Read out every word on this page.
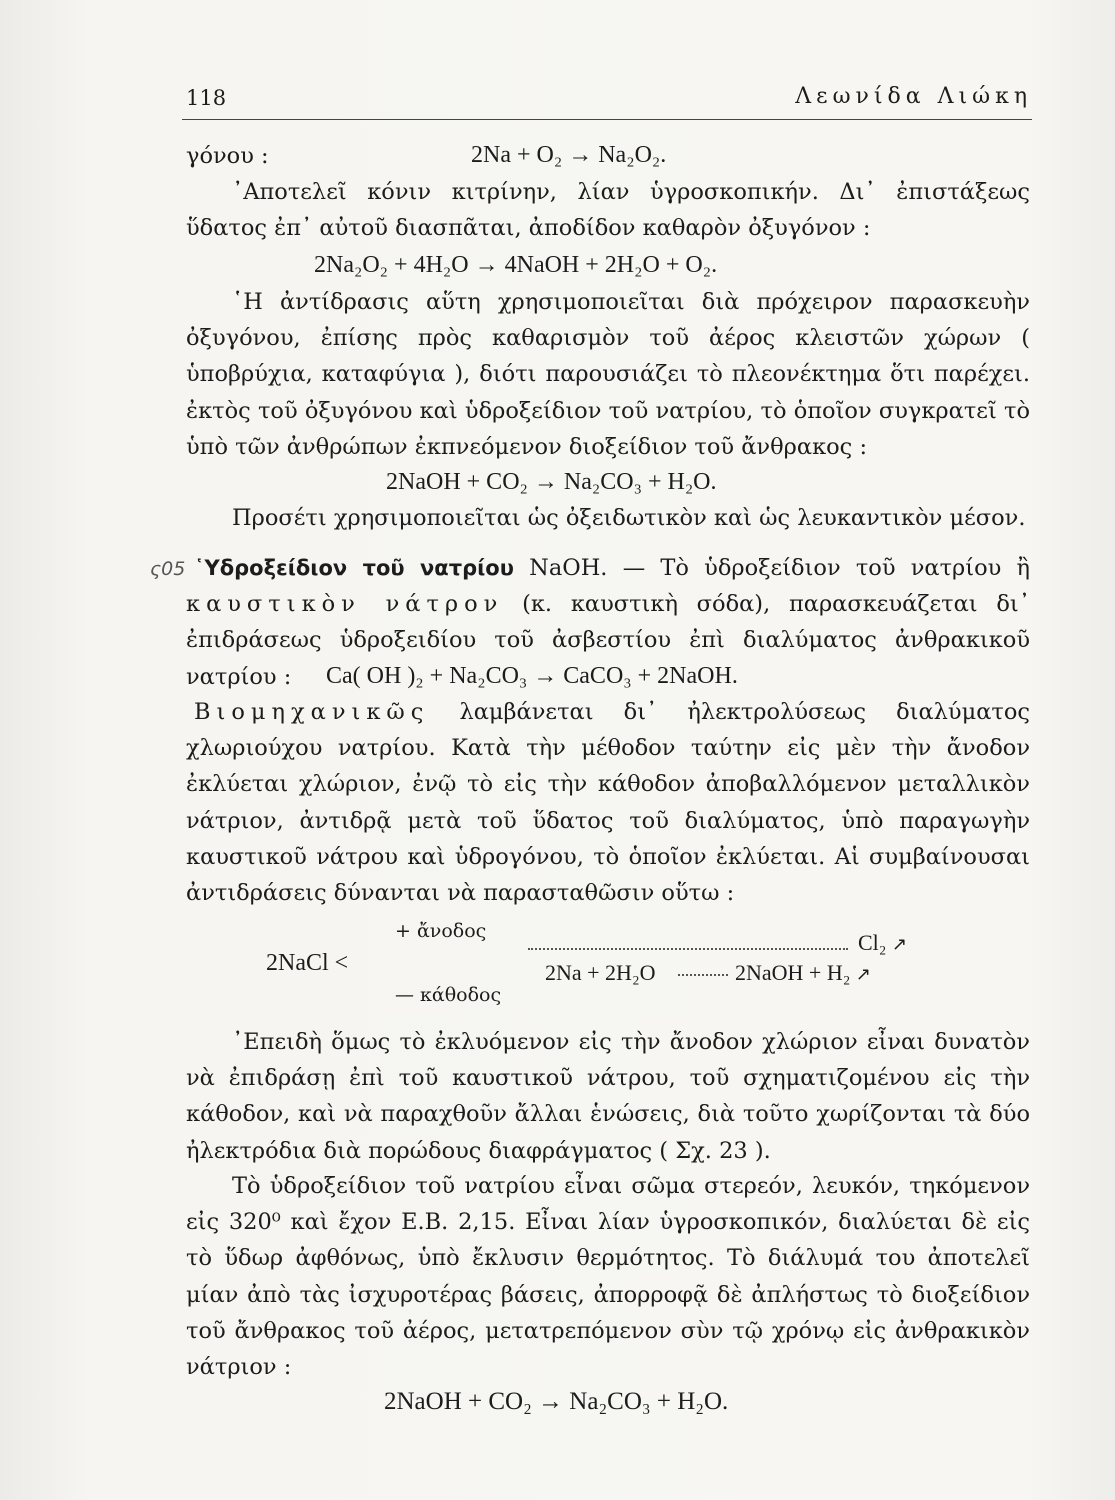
118	Λεωνίδα Λιώκη
ς05
γόνου :	2Na + O₂ → Na₂O₂.

᾽Αποτελεῖ κόνιν κιτρίνην, λίαν ὑγροσκοπικήν. Δι᾽ ἐπιστάξεως ὕδατος ἐπ᾽ αὐτοῦ διασπᾶται, ἀποδίδον καθαρὸν ὀξυγόνον :

2Na₂O₂ + 4H₂O → 4NaOH + 2H₂O + O₂.

῾Η ἀντίδρασις αὕτη χρησιμοποιεῖται διὰ πρόχειρον παρασκευὴν ὀξυγόνου, ἐπίσης πρὸς καθαρισμὸν τοῦ ἀέρος κλειστῶν χώρων ( ὑποβρύχια, καταφύγια ), διότι παρουσιάζει τὸ πλεονέκτημα ὅτι παρέχει. ἐκτὸς τοῦ ὀξυγόνου καὶ ὑδροξείδιον τοῦ νατρίου, τὸ ὁποῖον συγκρατεῖ τὸ ὑπὸ τῶν ἀνθρώπων ἐκπνεόμενον διοξείδιον τοῦ ἄνθρακος :

2NaOH + CO₂ → Na₂CO₃ + H₂O.

Προσέτι χρησιμοποιεῖται ὡς ὀξειδωτικὸν καὶ ὡς λευκαντικὸν μέσον.

῾Υδροξείδιον τοῦ νατρίου NaOH. — Τὸ ὑδροξείδιον τοῦ νατρίου ἢ καυστικὸν νάτρον (κ. καυστικὴ σόδα), παρασκευάζεται δι᾽ ἐπιδράσεως ὑδροξειδίου τοῦ ἀσβεστίου ἐπὶ διαλύματος ἀνθρακικοῦ νατρίου :	Ca( OH )₂ + Na₂CO₃ → CaCO₃ + 2NaOH.

Βιομηχανικῶς λαμβάνεται δι᾽ ἠλεκτρολύσεως διαλύματος χλωριούχου νατρίου. Κατὰ τὴν μέθοδον ταύτην εἰς μὲν τὴν ἄνοδον ἐκλύεται χλώριον, ἐνῷ τὸ εἰς τὴν κάθοδον ἀποβαλλόμενον μεταλλικὸν νάτριον, ἀντιδρᾷ μετὰ τοῦ ὕδατος τοῦ διαλύματος, ὑπὸ παραγωγὴν καυστικοῦ νάτρου καὶ ὑδρογόνου, τὸ ὁποῖον ἐκλύεται. Αἱ συμβαίνουσαι ἀντιδράσεις δύνανται νὰ παρασταθῶσιν οὕτω :

᾽Επειδὴ ὅμως τὸ ἐκλυόμενον εἰς τὴν ἄνοδον χλώριον εἶναι δυνατὸν νὰ ἐπιδράσῃ ἐπὶ τοῦ καυστικοῦ νάτρου, τοῦ σχηματιζομένου εἰς τὴν κάθοδον, καὶ νὰ παραχθοῦν ἄλλαι ἑνώσεις, διὰ τοῦτο χωρίζονται τὰ δύο ἠλεκτρόδια διὰ πορώδους διαφράγματος ( Σχ. 23 ).

Τὸ ὑδροξείδιον τοῦ νατρίου εἶναι σῶμα στερεόν, λευκόν, τηκόμενον εἰς 320⁰ καὶ ἔχον Ε.Β. 2,15. Εἶναι λίαν ὑγροσκοπικόν, διαλύεται δὲ εἰς τὸ ὕδωρ ἀφθόνως, ὑπὸ ἔκλυσιν θερμότητος. Τὸ διάλυμά του ἀποτελεῖ μίαν ἀπὸ τὰς ἰσχυροτέρας βάσεις, ἀπορροφᾷ δὲ ἀπλήστως τὸ διοξείδιον τοῦ ἄνθρακος τοῦ ἀέρος, μετατρεπόμενον σὺν τῷ χρόνῳ εἰς ἀνθρακικὸν νάτριον :

2NaOH + CO₂ → Na₂CO₃ + H₂O.
+ ἄνοδος
2NaCl <
— κάθοδος
Cl₂ ↗
2Na + 2H₂O	2NaOH + H₂ ↗
